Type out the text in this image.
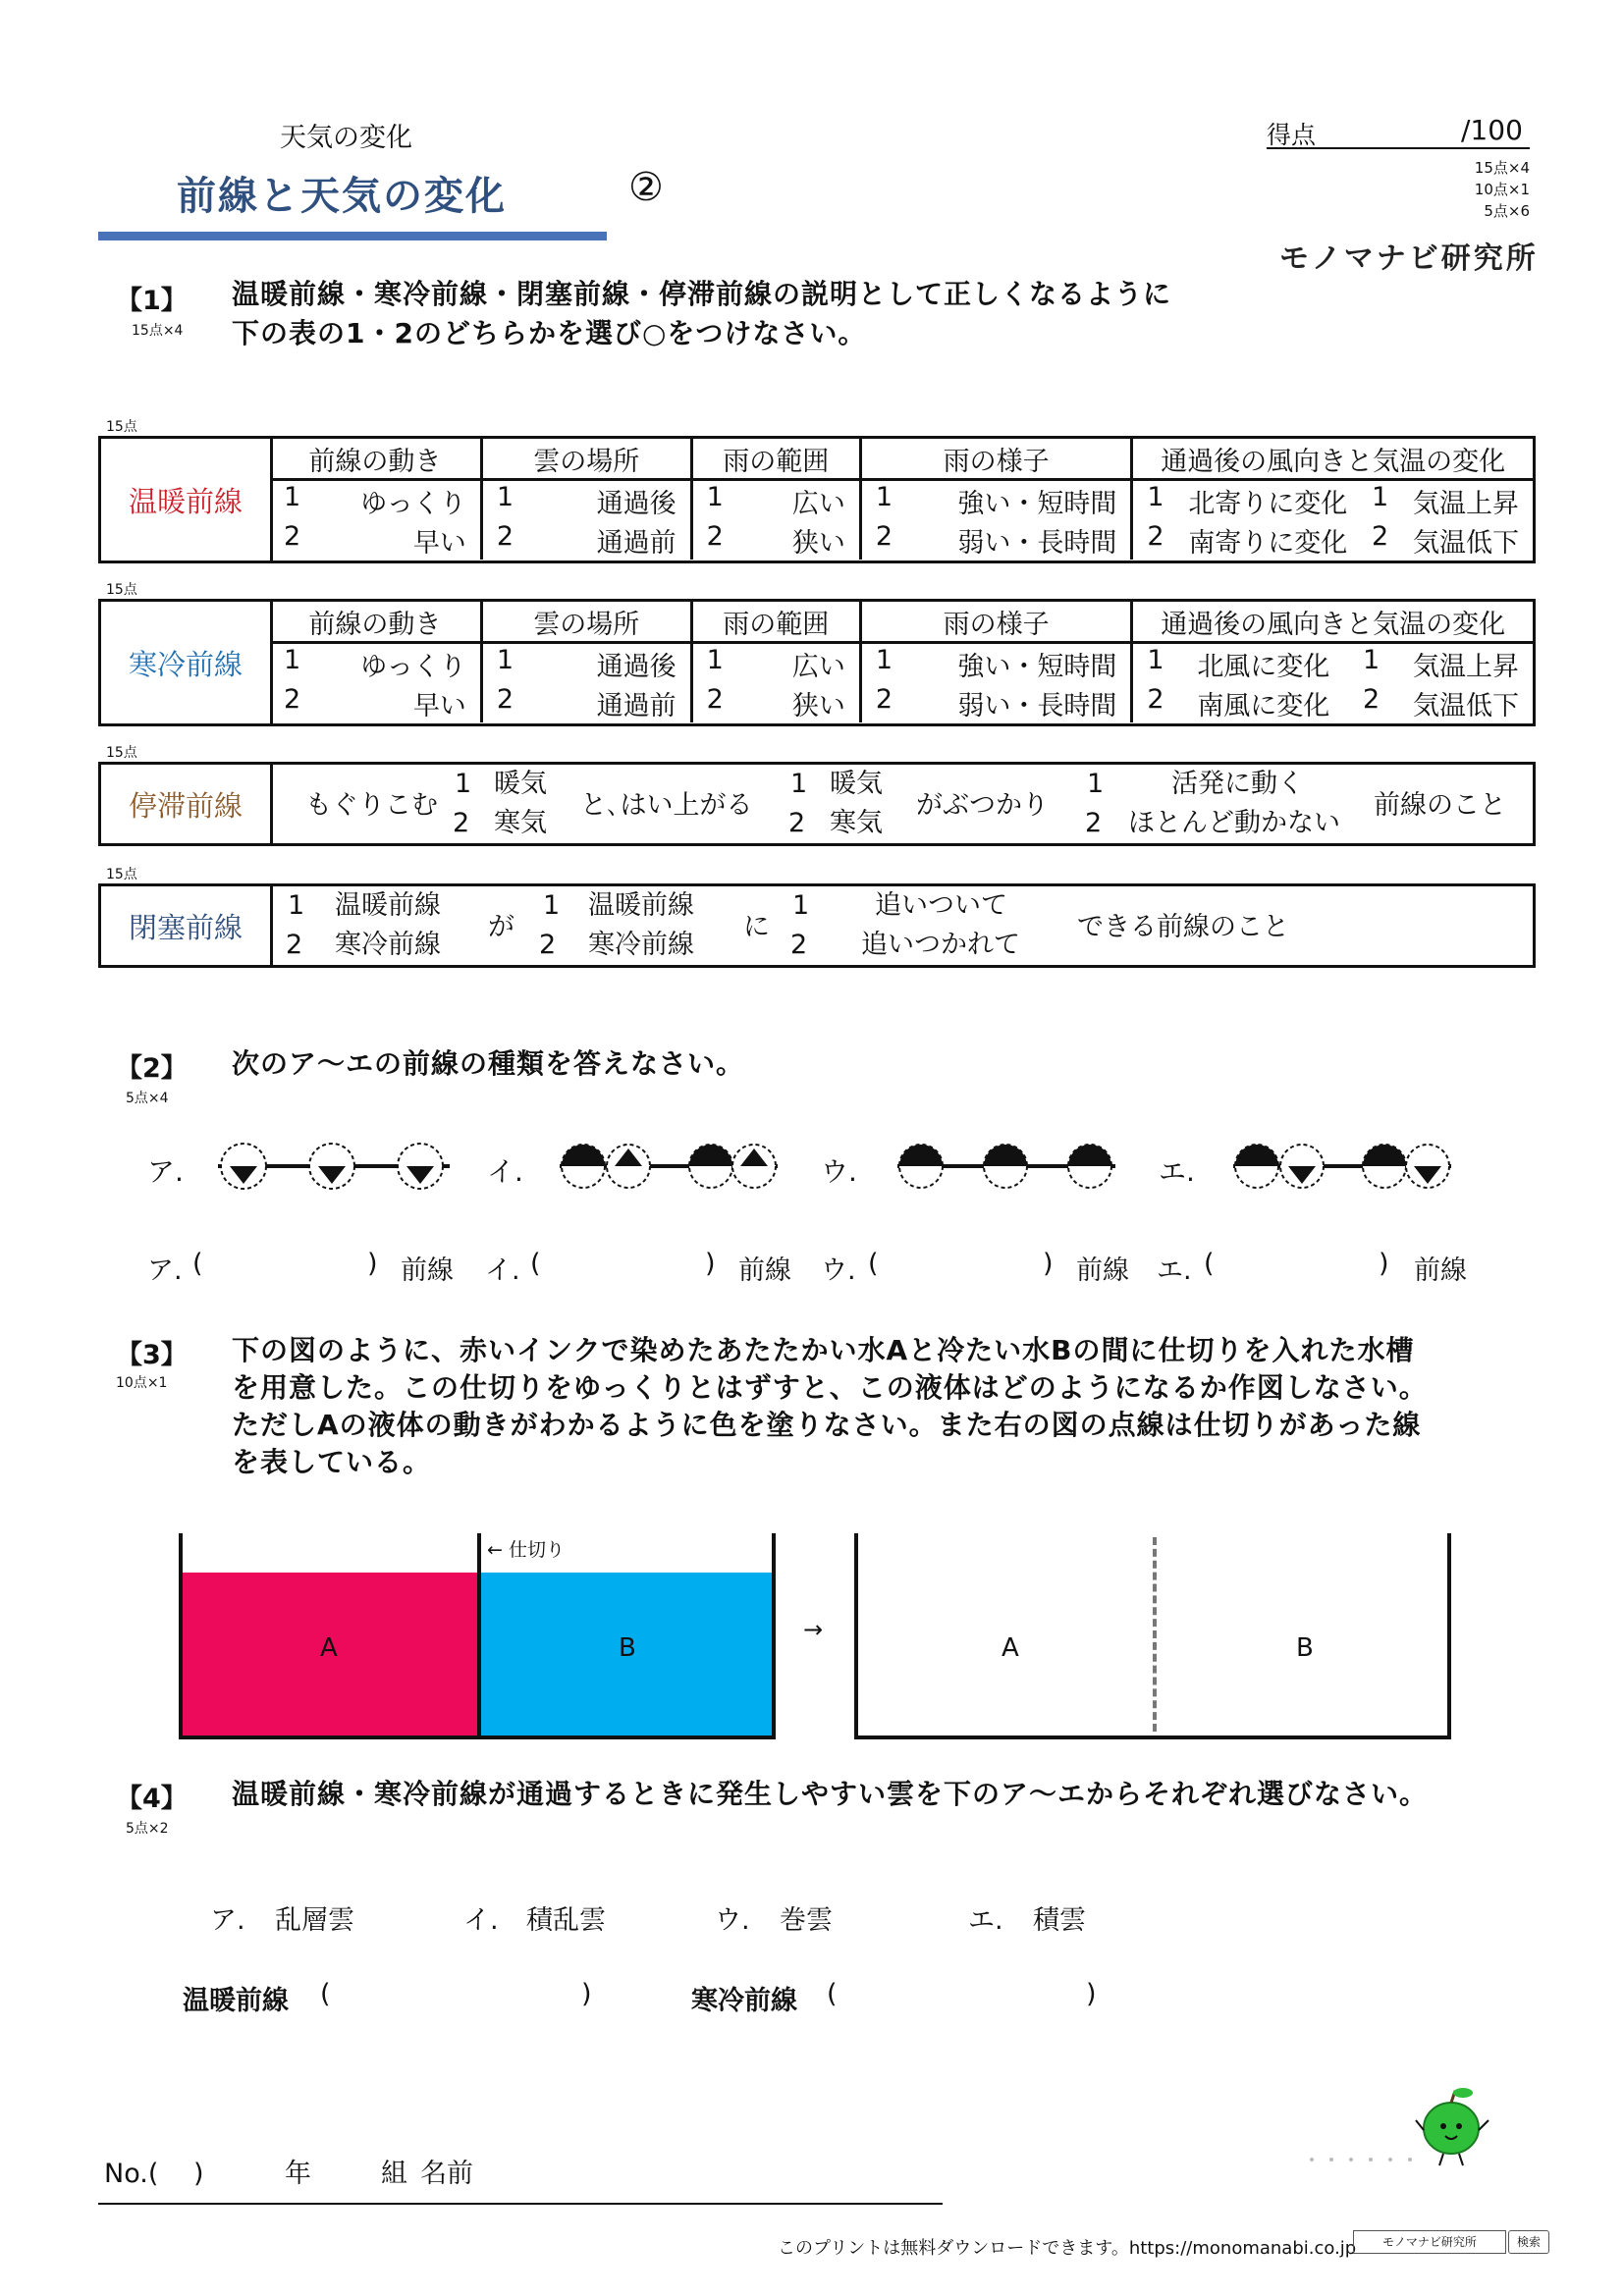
天気の変化
前線と天気の変化	②
得点	/100
15点×4
10点×1
5点×6
モノマナビ研究所
【1】
15点×4
温暖前線・寒冷前線・閉塞前線・停滞前線の説明として正しくなるように
下の表の1・2のどちらかを選び○をつけなさい。
15点
温暖前線
前線の動き	雲の場所	雨の範囲	雨の様子	通過後の風向きと気温の変化

1 ゆっくり	1 通過後	1 広い	1 強い・短時間	1 北寄りに変化 1 気温上昇

2 早い	2 通過前	2 狭い	2 弱い・長時間	2 南寄りに変化 2 気温低下
15点
寒冷前線
前線の動き	雲の場所	雨の範囲	雨の様子	通過後の風向きと気温の変化

1 ゆっくり	1 通過後	1 広い	1 強い・短時間	1 北風に変化 1 気温上昇

2 早い	2 通過前	2 狭い	2 弱い・長時間	2 南風に変化 2 気温低下
15点
停滞前線	もぐりこむ
1 暖気
2 寒気
と､はい上がる
1 暖気
2 寒気
がぶつかり
1	活発に動く
2 ほとんど動かない
前線のこと
15点
閉塞前線
1 温暖前線
2 寒冷前線
が
1 温暖前線
2 寒冷前線
に
1 追いついて
2 追いつかれて
できる前線のこと
【2】
5点×4
次のア～エの前線の種類を答えなさい。
ア.	イ.	ウ.	エ.
ア. (	) 前線 イ. (	) 前線 ウ. (	) 前線 エ. (	) 前線
【3】
10点×1
下の図のように、赤いインクで染めたあたたかい水Aと冷たい水Bの間に仕切りを入れた水槽
を用意した。この仕切りをゆっくりとはずすと、この液体はどのようになるか作図しなさい。
ただしAの液体の動きがわかるように色を塗りなさい。また右の図の点線は仕切りがあった線
を表している。
A	B
← 仕切り
→
A	B
【4】
5点×2
温暖前線・寒冷前線が通過するときに発生しやすい雲を下のア～エからそれぞれ選びなさい。
ア. 乱層雲	イ. 積乱雲	ウ. 巻雲	エ. 積雲
温暖前線 (	)	寒冷前線 (	)
No.(　 )	年	組 名前
このプリントは無料ダウンロードできます。https://monomanabi.co.jp	モノマナビ研究所	検索
